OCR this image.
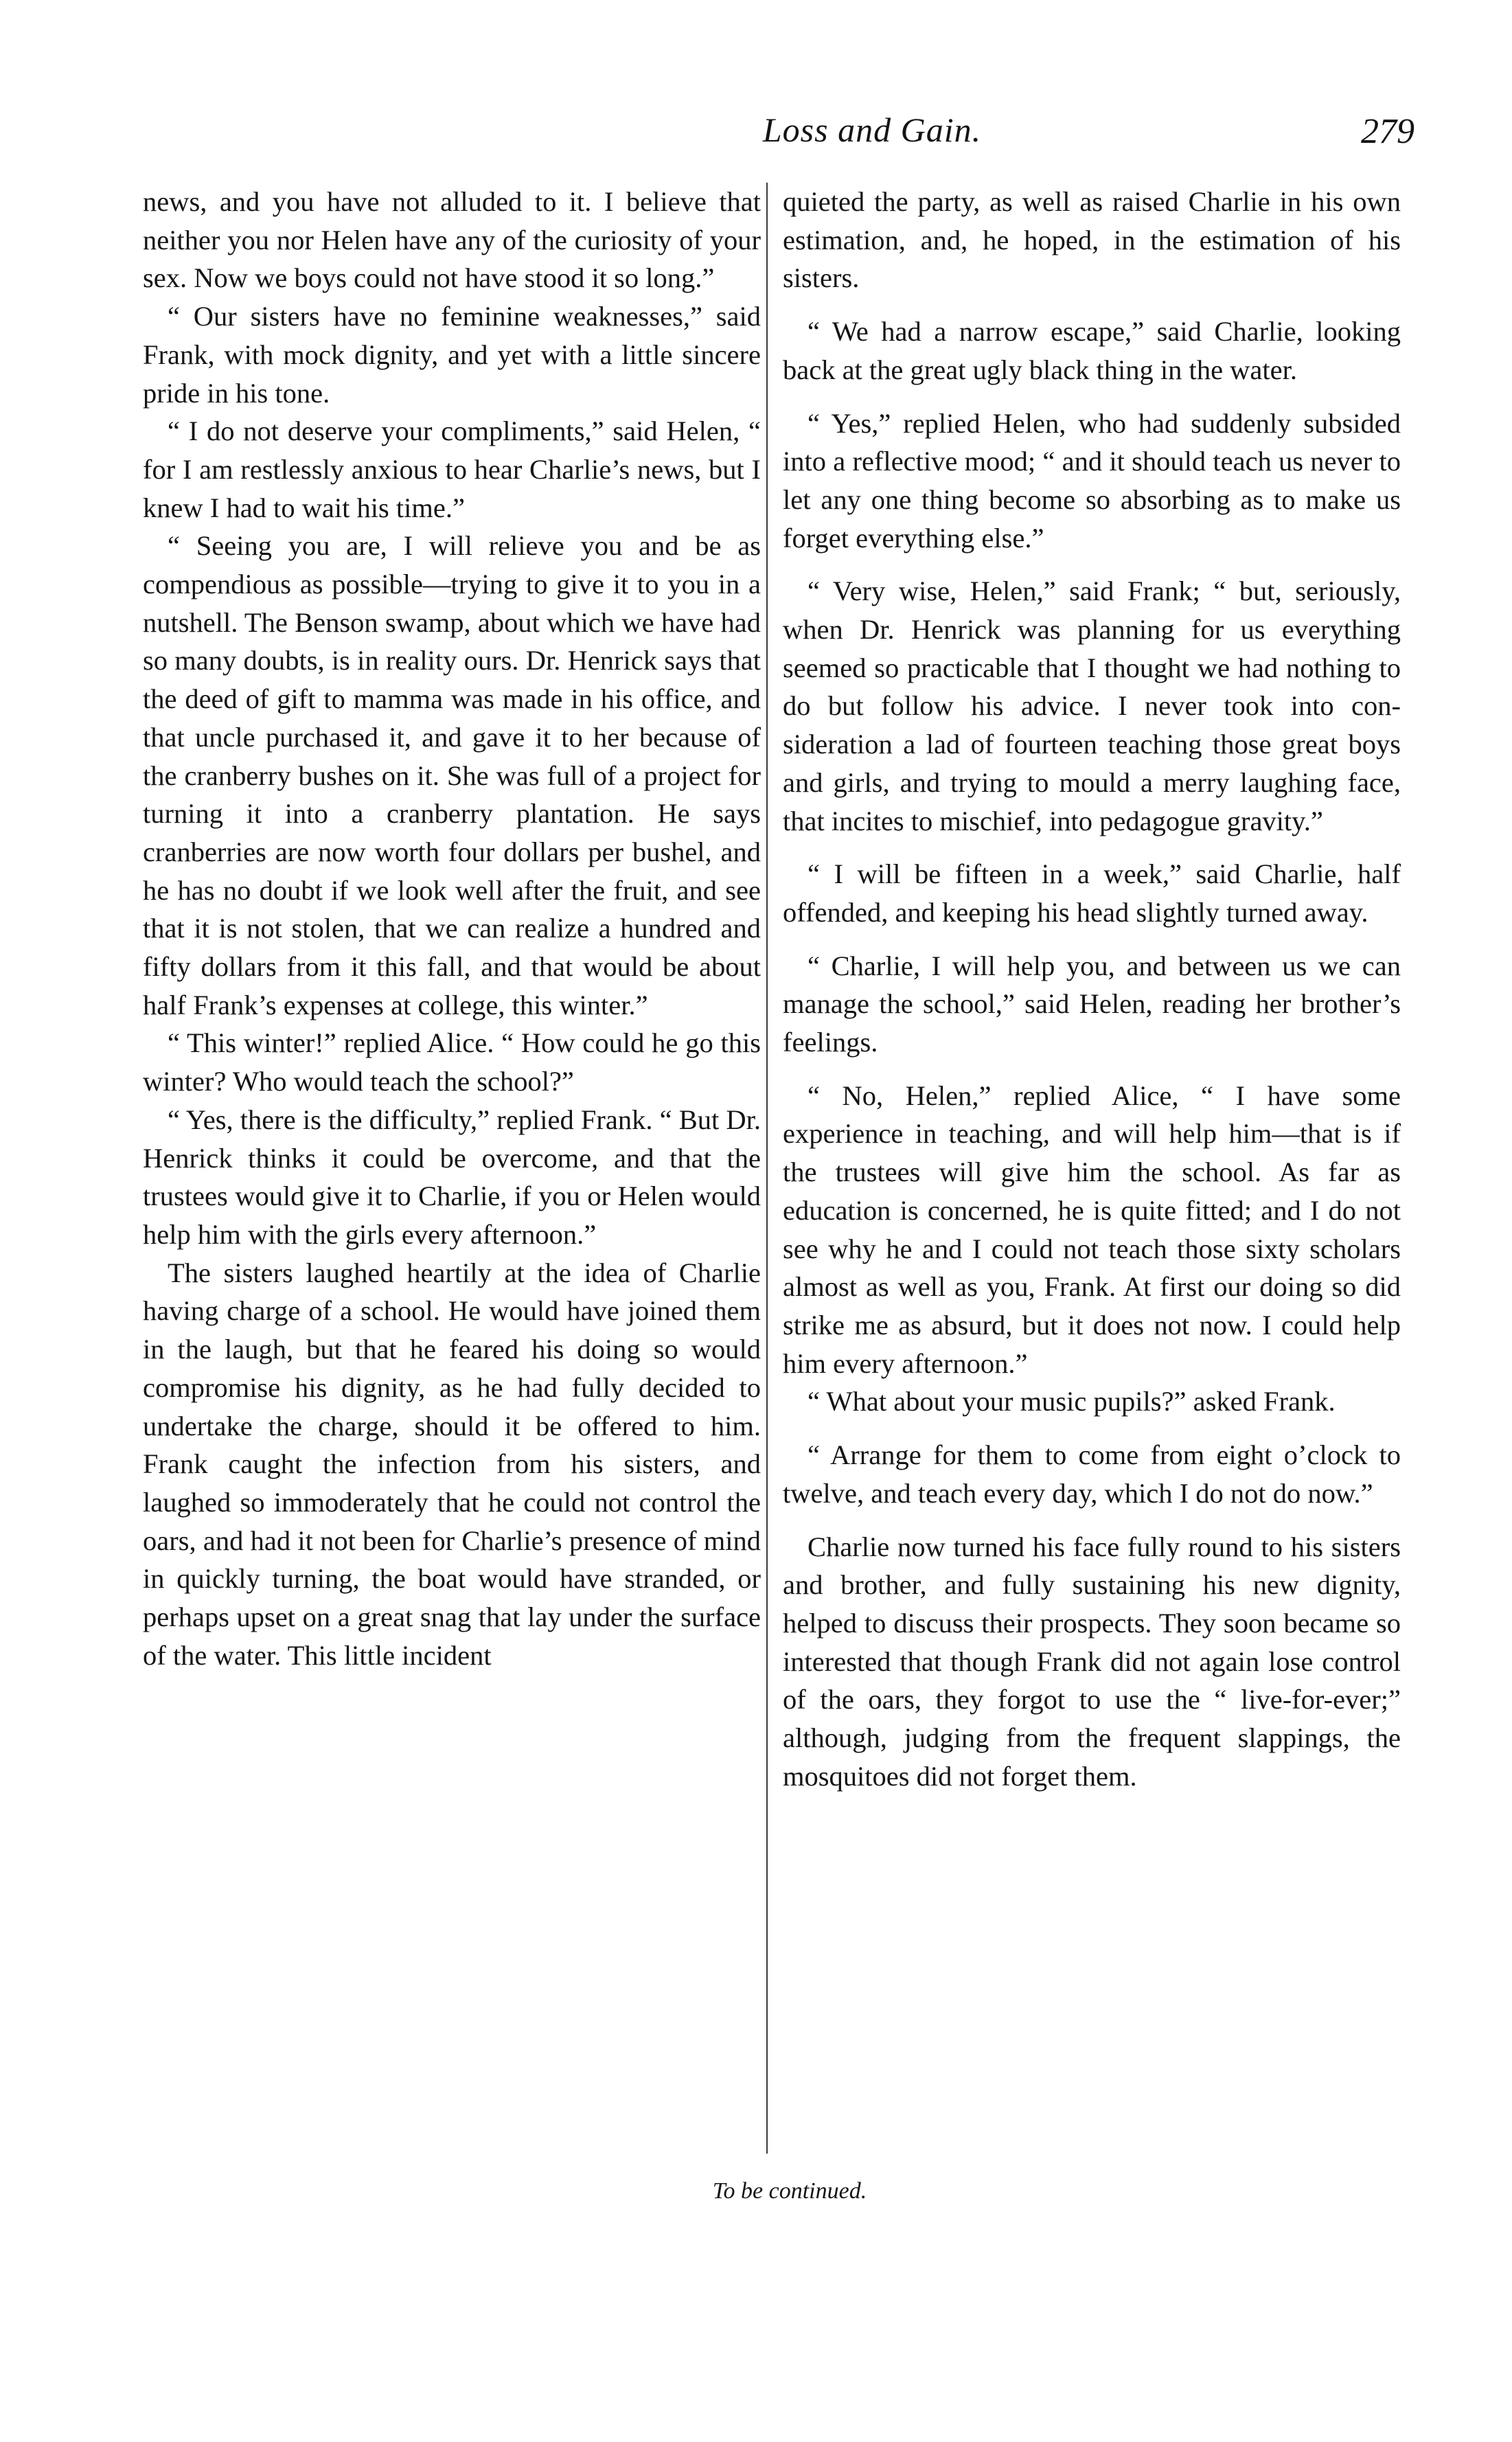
Loss and Gain.	279

news, and you have not alluded to it. I believe that neither you nor Helen have any of the curiosity of your sex. Now we boys could not have stood it so long.”

“ Our sisters have no feminine weaknesses,” said Frank, with mock dignity, and yet with a little sincere pride in his tone.

“ I do not deserve your compliments,” said Helen, “ for I am restlessly anxious to hear Charlie’s news, but I knew I had to wait his time.”

“ Seeing you are, I will relieve you and be as compendious as possible—trying to give it to you in a nutshell. The Benson swamp, about which we have had so many doubts, is in reality ours. Dr. Henrick says that the deed of gift to mamma was made in his office, and that uncle purchased it, and gave it to her because of the cranberry bushes on it. She was full of a project for turning it into a cranberry plantation. He says cranberries are now worth four dollars per bushel, and he has no doubt if we look well after the fruit, and see that it is not stolen, that we can realize a hundred and fifty dollars from it this fall, and that would be about half Frank’s expenses at college, this winter.”

“ This winter!” replied Alice. “ How could he go this winter? Who would teach the school?”

“ Yes, there is the difficulty,” replied Frank. “ But Dr. Henrick thinks it could be overcome, and that the trustees would give it to Charlie, if you or Helen would help him with the girls every afternoon.”

The sisters laughed heartily at the idea of Charlie having charge of a school. He would have joined them in the laugh, but that he feared his doing so would compromise his dignity, as he had fully decided to undertake the charge, should it be offered to him. Frank caught the infection from his sisters, and laughed so immoderately that he could not control the oars, and had it not been for Charlie’s presence of mind in quickly turning, the boat would have stranded, or perhaps upset on a great snag that lay under the surface of the water. This little incident

quieted the party, as well as raised Charlie in his own estimation, and, he hoped, in the estimation of his sisters.

“ We had a narrow escape,” said Charlie, looking back at the great ugly black thing in the water.

“ Yes,” replied Helen, who had suddenly subsided into a reflective mood; “ and it should teach us never to let any one thing become so absorbing as to make us forget everything else.”

“ Very wise, Helen,” said Frank; “ but, seriously, when Dr. Henrick was planning for us everything seemed so practicable that I thought we had nothing to do but follow his advice. I never took into consideration a lad of fourteen teaching those great boys and girls, and trying to mould a merry laughing face, that incites to mischief, into pedagogue gravity.”

“ I will be fifteen in a week,” said Charlie, half offended, and keeping his head slightly turned away.

“ Charlie, I will help you, and between us we can manage the school,” said Helen, reading her brother’s feelings.

“ No, Helen,” replied Alice, “ I have some experience in teaching, and will help him—that is if the trustees will give him the school. As far as education is concerned, he is quite fitted; and I do not see why he and I could not teach those sixty scholars almost as well as you, Frank. At first our doing so did strike me as absurd, but it does not now. I could help him every afternoon.”

“ What about your music pupils?” asked Frank.

“ Arrange for them to come from eight o’clock to twelve, and teach every day, which I do not do now.”

Charlie now turned his face fully round to his sisters and brother, and fully sustaining his new dignity, helped to discuss their prospects. They soon became so interested that though Frank did not again lose control of the oars, they forgot to use the “ live-for-ever;” although, judging from the frequent slappings, the mosquitoes did not forget them.

To be continued.
